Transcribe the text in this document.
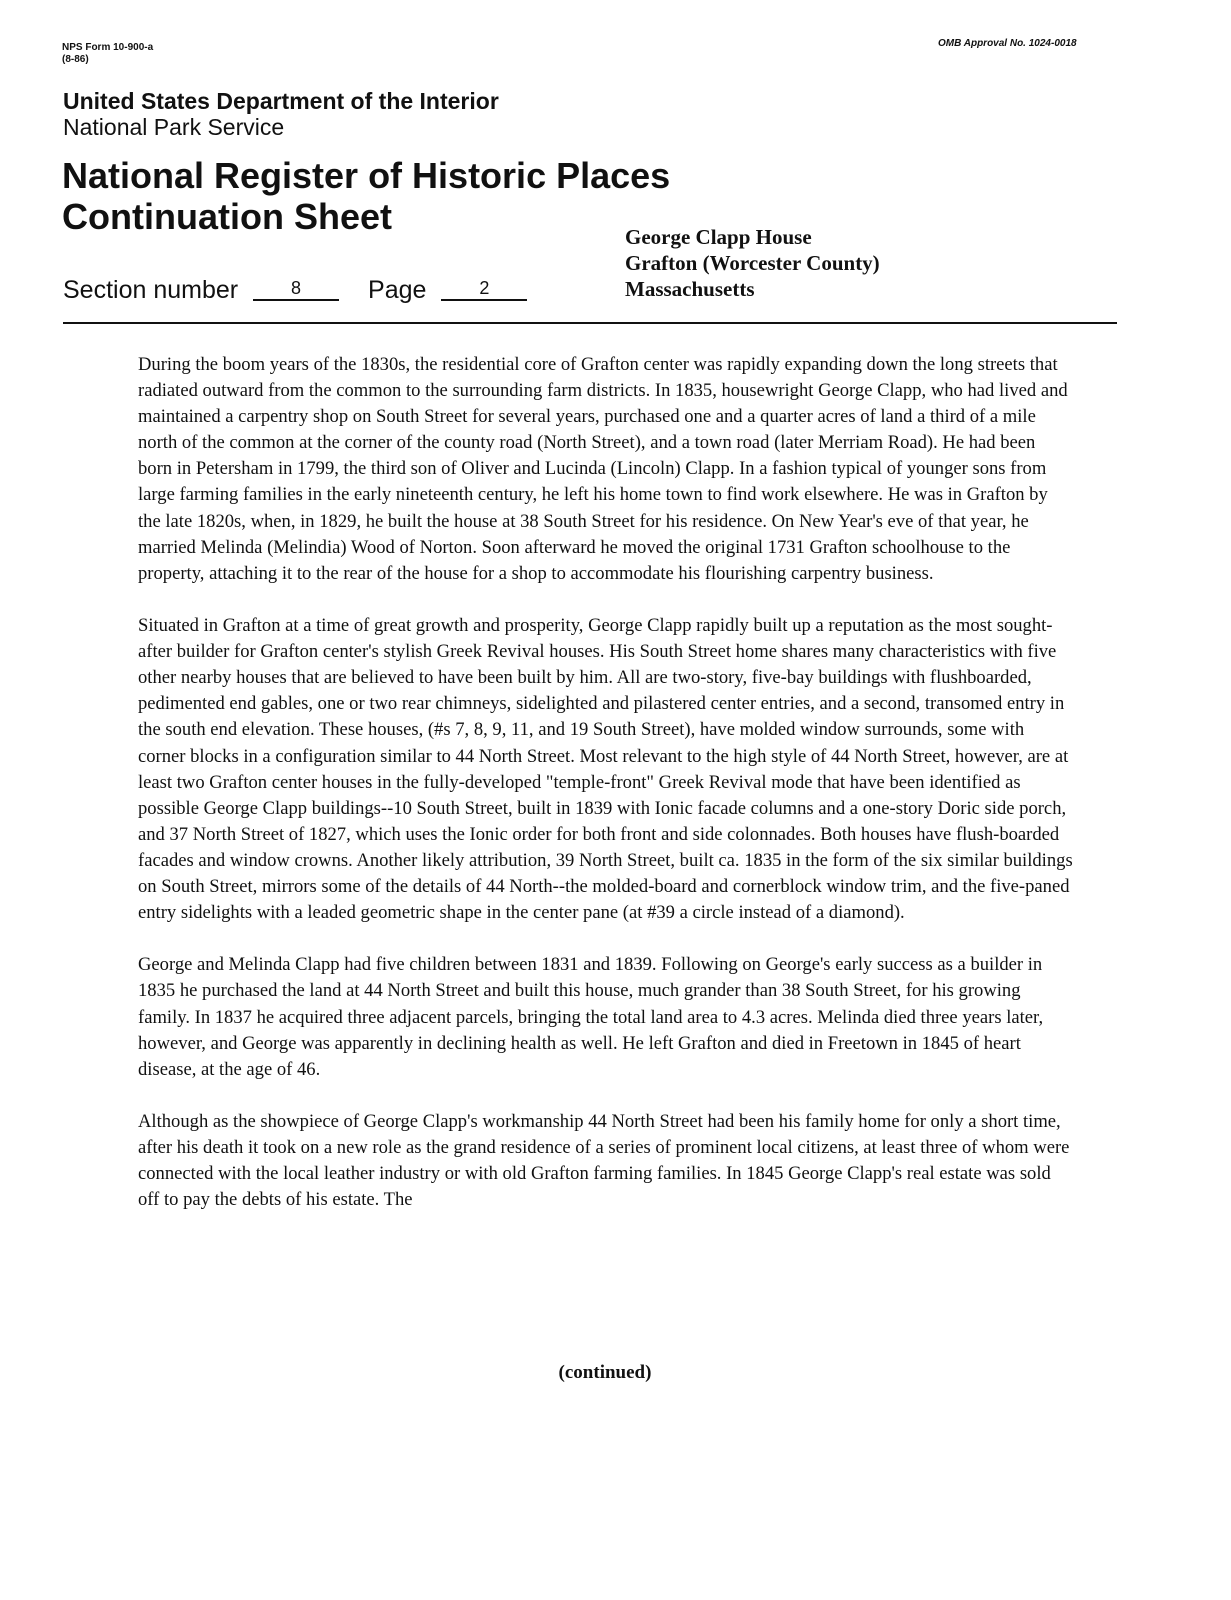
NPS Form 10-900-a
(8-86)
OMB Approval No. 1024-0018
United States Department of the Interior
National Park Service
National Register of Historic Places
Continuation Sheet
Section number	8	Page	2
George Clapp House
Grafton (Worcester County)
Massachusetts

During the boom years of the 1830s, the residential core of Grafton center was rapidly expanding down the long streets that radiated outward from the common to the surrounding farm districts. In 1835, housewright George Clapp, who had lived and maintained a carpentry shop on South Street for several years, purchased one and a quarter acres of land a third of a mile north of the common at the corner of the county road (North Street), and a town road (later Merriam Road). He had been born in Petersham in 1799, the third son of Oliver and Lucinda (Lincoln) Clapp. In a fashion typical of younger sons from large farming families in the early nineteenth century, he left his home town to find work elsewhere. He was in Grafton by the late 1820s, when, in 1829, he built the house at 38 South Street for his residence. On New Year's eve of that year, he married Melinda (Melindia) Wood of Norton. Soon afterward he moved the original 1731 Grafton schoolhouse to the property, attaching it to the rear of the house for a shop to accommodate his flourishing carpentry business.

Situated in Grafton at a time of great growth and prosperity, George Clapp rapidly built up a reputation as the most sought-after builder for Grafton center's stylish Greek Revival houses. His South Street home shares many characteristics with five other nearby houses that are believed to have been built by him. All are two-story, five-bay buildings with flushboarded, pedimented end gables, one or two rear chimneys, sidelighted and pilastered center entries, and a second, transomed entry in the south end elevation. These houses, (#s 7, 8, 9, 11, and 19 South Street), have molded window surrounds, some with corner blocks in a configuration similar to 44 North Street. Most relevant to the high style of 44 North Street, however, are at least two Grafton center houses in the fully-developed "temple-front" Greek Revival mode that have been identified as possible George Clapp buildings--10 South Street, built in 1839 with Ionic facade columns and a one-story Doric side porch, and 37 North Street of 1827, which uses the Ionic order for both front and side colonnades. Both houses have flush-boarded facades and window crowns. Another likely attribution, 39 North Street, built ca. 1835 in the form of the six similar buildings on South Street, mirrors some of the details of 44 North--the molded-board and cornerblock window trim, and the five-paned entry sidelights with a leaded geometric shape in the center pane (at #39 a circle instead of a diamond).

George and Melinda Clapp had five children between 1831 and 1839. Following on George's early success as a builder in 1835 he purchased the land at 44 North Street and built this house, much grander than 38 South Street, for his growing family. In 1837 he acquired three adjacent parcels, bringing the total land area to 4.3 acres. Melinda died three years later, however, and George was apparently in declining health as well. He left Grafton and died in Freetown in 1845 of heart disease, at the age of 46.

Although as the showpiece of George Clapp's workmanship 44 North Street had been his family home for only a short time, after his death it took on a new role as the grand residence of a series of prominent local citizens, at least three of whom were connected with the local leather industry or with old Grafton farming families. In 1845 George Clapp's real estate was sold off to pay the debts of his estate. The

(continued)
